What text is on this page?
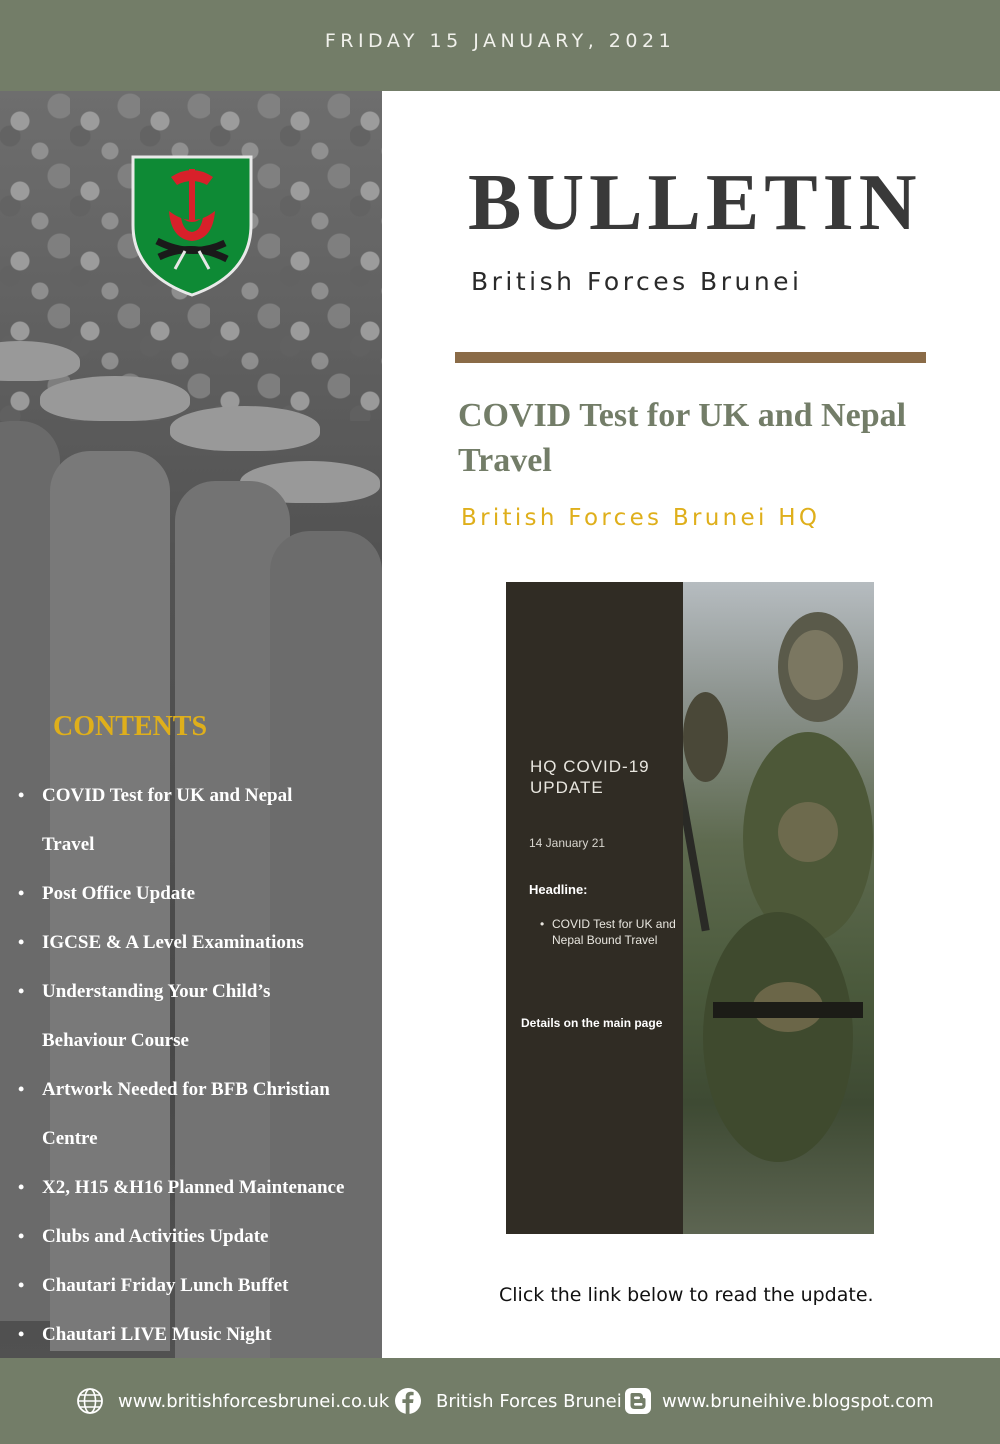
FRIDAY 15 JANUARY, 2021
CONTENTS
• COVID Test for UK and Nepal
Travel
• Post Office Update
• IGCSE & A Level Examinations
• Understanding Your Child’s
Behaviour Course
• Artwork Needed for BFB Christian
Centre
• X2, H15 &H16 Planned Maintenance
• Clubs and Activities Update
• Chautari Friday Lunch Buffet
• Chautari LIVE Music Night
BULLETIN
British Forces Brunei
COVID Test for UK and Nepal Travel
British Forces Brunei HQ
HQ COVID-19 UPDATE
14 January 21
Headline:
• COVID Test for UK and Nepal Bound Travel
Details on the main page
Click the link below to read the update.
www.britishforcesbrunei.co.uk	British Forces Brunei www.bruneihive.blogspot.com
